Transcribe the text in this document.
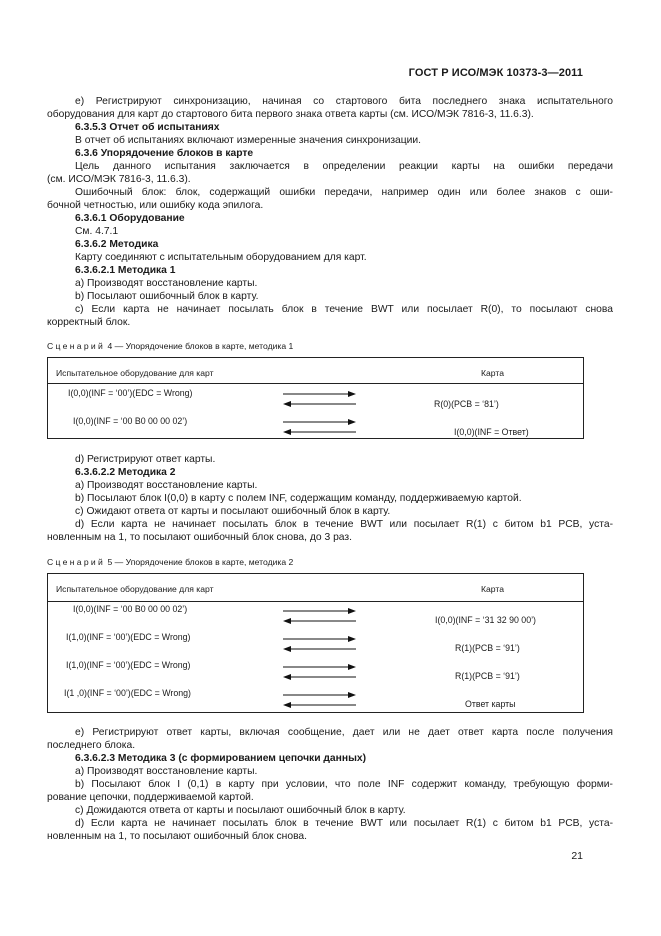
ГОСТ Р ИСО/МЭК 10373-3—2011
е) Регистрируют синхронизацию, начиная со стартового бита последнего знака испытательного
оборудования для карт до стартового бита первого знака ответа карты (см. ИСО/МЭК 7816-3, 11.6.3).
6.3.5.3 Отчет об испытаниях
В отчет об испытаниях включают измеренные значения синхронизации.
6.3.6 Упорядочение блоков в карте
Цель данного испытания заключается в определении реакции карты на ошибки передачи
(см. ИСО/МЭК 7816-3, 11.6.3).
Ошибочный блок: блок, содержащий ошибки передачи, например один или более знаков с оши-
бочной четностью, или ошибку кода эпилога.
6.3.6.1 Оборудование
См. 4.7.1
6.3.6.2 Методика
Карту соединяют с испытательным оборудованием для карт.
6.3.6.2.1 Методика 1
а) Производят восстановление карты.
b) Посылают ошибочный блок в карту.
с) Если карта не начинает посылать блок в течение BWT или посылает R(0), то посылают снова
корректный блок.
Сценарий 4 — Упорядочение блоков в карте, методика 1
Испытательное оборудование для карт	Карта
I(0,0)(INF = ‘00’)(EDC = Wrong)
R(0)(PCB = ‘81’)
I(0,0)(INF = ‘00 B0 00 00 02’)
I(0,0)(INF = Ответ)
d) Регистрируют ответ карты.
6.3.6.2.2 Методика 2
а) Производят восстановление карты.
b) Посылают блок I(0,0) в карту с полем INF, содержащим команду, поддерживаемую картой.
с) Ожидают ответа от карты и посылают ошибочный блок в карту.
d) Если карта не начинает посылать блок в течение BWT или посылает R(1) с битом b1 PCB, уста-
новленным на 1, то посылают ошибочный блок снова, до 3 раз.
Сценарий 5 — Упорядочение блоков в карте, методика 2
Испытательное оборудование для карт	Карта
I(0,0)(INF = ‘00 B0 00 00 02’)
I(0,0)(INF = ‘31 32 90 00’)
I(1,0)(INF = ‘00’)(EDC = Wrong)
R(1)(PCB = ‘91’)
I(1,0)(INF = ‘00’)(EDC = Wrong)
R(1)(PCB = ‘91’)
I(1 ,0)(INF = ‘00’)(EDC = Wrong)
Ответ карты
е) Регистрируют ответ карты, включая сообщение, дает или не дает ответ карта после получения
последнего блока.
6.3.6.2.3 Методика 3 (с формированием цепочки данных)
а) Производят восстановление карты.
b) Посылают блок I (0,1) в карту при условии, что поле INF содержит команду, требующую форми-
рование цепочки, поддерживаемой картой.
с) Дожидаются ответа от карты и посылают ошибочный блок в карту.
d) Если карта не начинает посылать блок в течение BWT или посылает R(1) с битом b1 PCB, уста-
новленным на 1, то посылают ошибочный блок снова.
21
